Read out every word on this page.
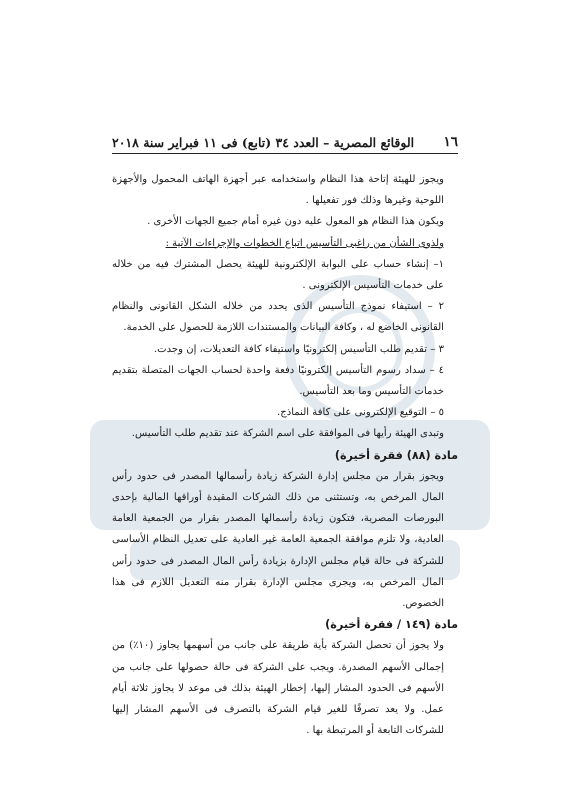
١٦
الوقائع المصرية – العدد ٣٤ (تابع) فى ١١ فبراير سنة ٢٠١٨

ويجوز للهيئة إتاحة هذا النظام واستخدامه عبر أجهزة الهاتف المحمول والأجهزة اللوحية وغيرها وذلك فور تفعيلها .

ويكون هذا النظام هو المعول عليه دون غيره أمام جميع الجهات الأخرى .

ولذوى الشأن من راغبى التأسيس اتباع الخطوات والإجراءات الآتية :

١– إنشاء حساب على البوابة الإلكترونية للهيئة يحصل المشترك فيه من خلاله على خدمات التأسيس الإلكترونى .

٢ – استيفاء نموذج التأسيس الذى يحدد من خلاله الشكل القانونى والنظام القانونى الخاضع له ، وكافة البيانات والمستندات اللازمة للحصول على الخدمة.

٣ – تقديم طلب التأسيس إلكترونيًا واستيفاء كافة التعديلات، إن وجدت.

٤ – سداد رسوم التأسيس إلكترونيًا دفعة واحدة لحساب الجهات المتصلة بتقديم خدمات التأسيس وما بعد التأسيس.

٥ – التوقيع الإلكترونى على كافة النماذج.

وتبدى الهيئة رأيها فى الموافقة على اسم الشركة عند تقديم طلب التأسيس.

مادة (٨٨) فقرة أخيرة)

ويجوز بقرار من مجلس إدارة الشركة زيادة رأسمالها المصدر فى حدود رأس المال المرخص به، وتستثنى من ذلك الشركات المقيدة أوراقها المالية بإحدى البورصات المصرية، فتكون زيادة رأسمالها المصدر بقرار من الجمعية العامة العادية، ولا تلزم موافقة الجمعية العامة غير العادية على تعديل النظام الأساسى للشركة فى حالة قيام مجلس الإدارة بزيادة رأس المال المصدر فى حدود رأس المال المرخص به، ويجرى مجلس الإدارة بقرار منه التعديل اللازم فى هذا الخصوص.

مادة (١٤٩ / فقرة أخيرة)

ولا يجوز أن تحصل الشركة بأية طريقة على جانب من أسهمها يجاوز (١٠٪) من إجمالى الأسهم المصدرة. ويجب على الشركة فى حالة حصولها على جانب من الأسهم فى الحدود المشار إليها، إخطار الهيئة بذلك فى موعد لا يجاوز ثلاثة أيام عمل. ولا يعد تصرفًا للغير قيام الشركة بالتصرف فى الأسهم المشار إليها للشركات التابعة أو المرتبطة بها .
